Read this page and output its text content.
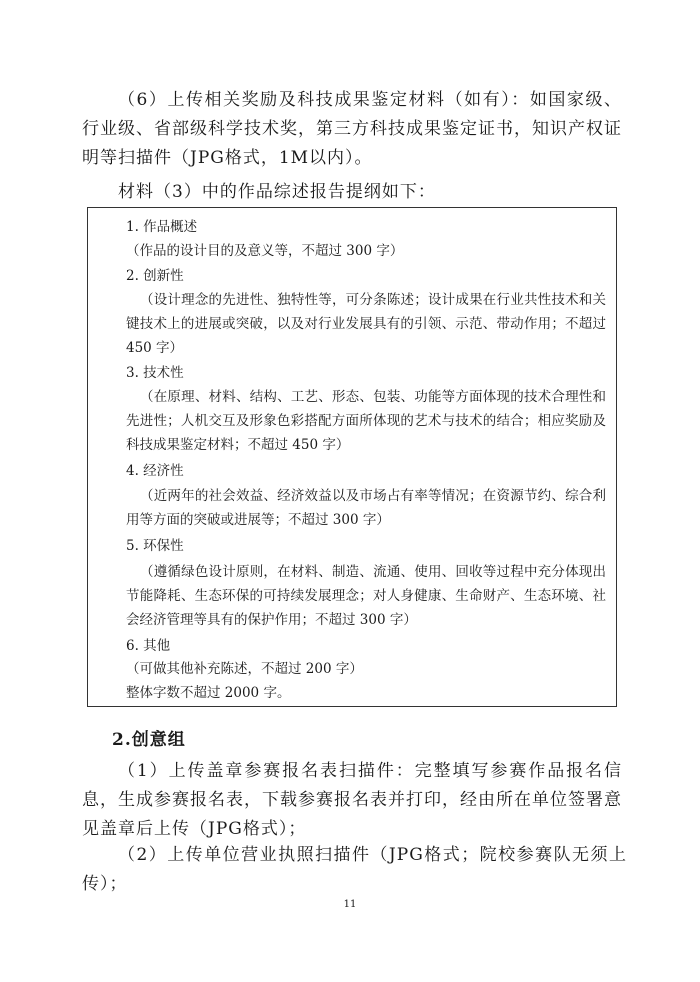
（6）上传相关奖励及科技成果鉴定材料（如有）：如国家级、行业级、省部级科学技术奖，第三方科技成果鉴定证书，知识产权证明等扫描件（JPG格式，1M以内）。

材料（3）中的作品综述报告提纲如下：

1. 作品概述

（作品的设计目的及意义等，不超过 300 字）

2. 创新性

（设计理念的先进性、独特性等，可分条陈述；设计成果在行业共性技术和关键技术上的进展或突破，以及对行业发展具有的引领、示范、带动作用；不超过 450 字）

3. 技术性

（在原理、材料、结构、工艺、形态、包装、功能等方面体现的技术合理性和先进性；人机交互及形象色彩搭配方面所体现的艺术与技术的结合；相应奖励及科技成果鉴定材料；不超过 450 字）

4. 经济性

（近两年的社会效益、经济效益以及市场占有率等情况；在资源节约、综合利用等方面的突破或进展等；不超过 300 字）

5. 环保性

（遵循绿色设计原则，在材料、制造、流通、使用、回收等过程中充分体现出节能降耗、生态环保的可持续发展理念；对人身健康、生命财产、生态环境、社会经济管理等具有的保护作用；不超过 300 字）

6. 其他

（可做其他补充陈述，不超过 200 字）

整体字数不超过 2000 字。

2.创意组

（1）上传盖章参赛报名表扫描件：完整填写参赛作品报名信息，生成参赛报名表，下载参赛报名表并打印，经由所在单位签署意见盖章后上传（JPG格式）；

（2）上传单位营业执照扫描件（JPG格式；院校参赛队无须上传）；

11
